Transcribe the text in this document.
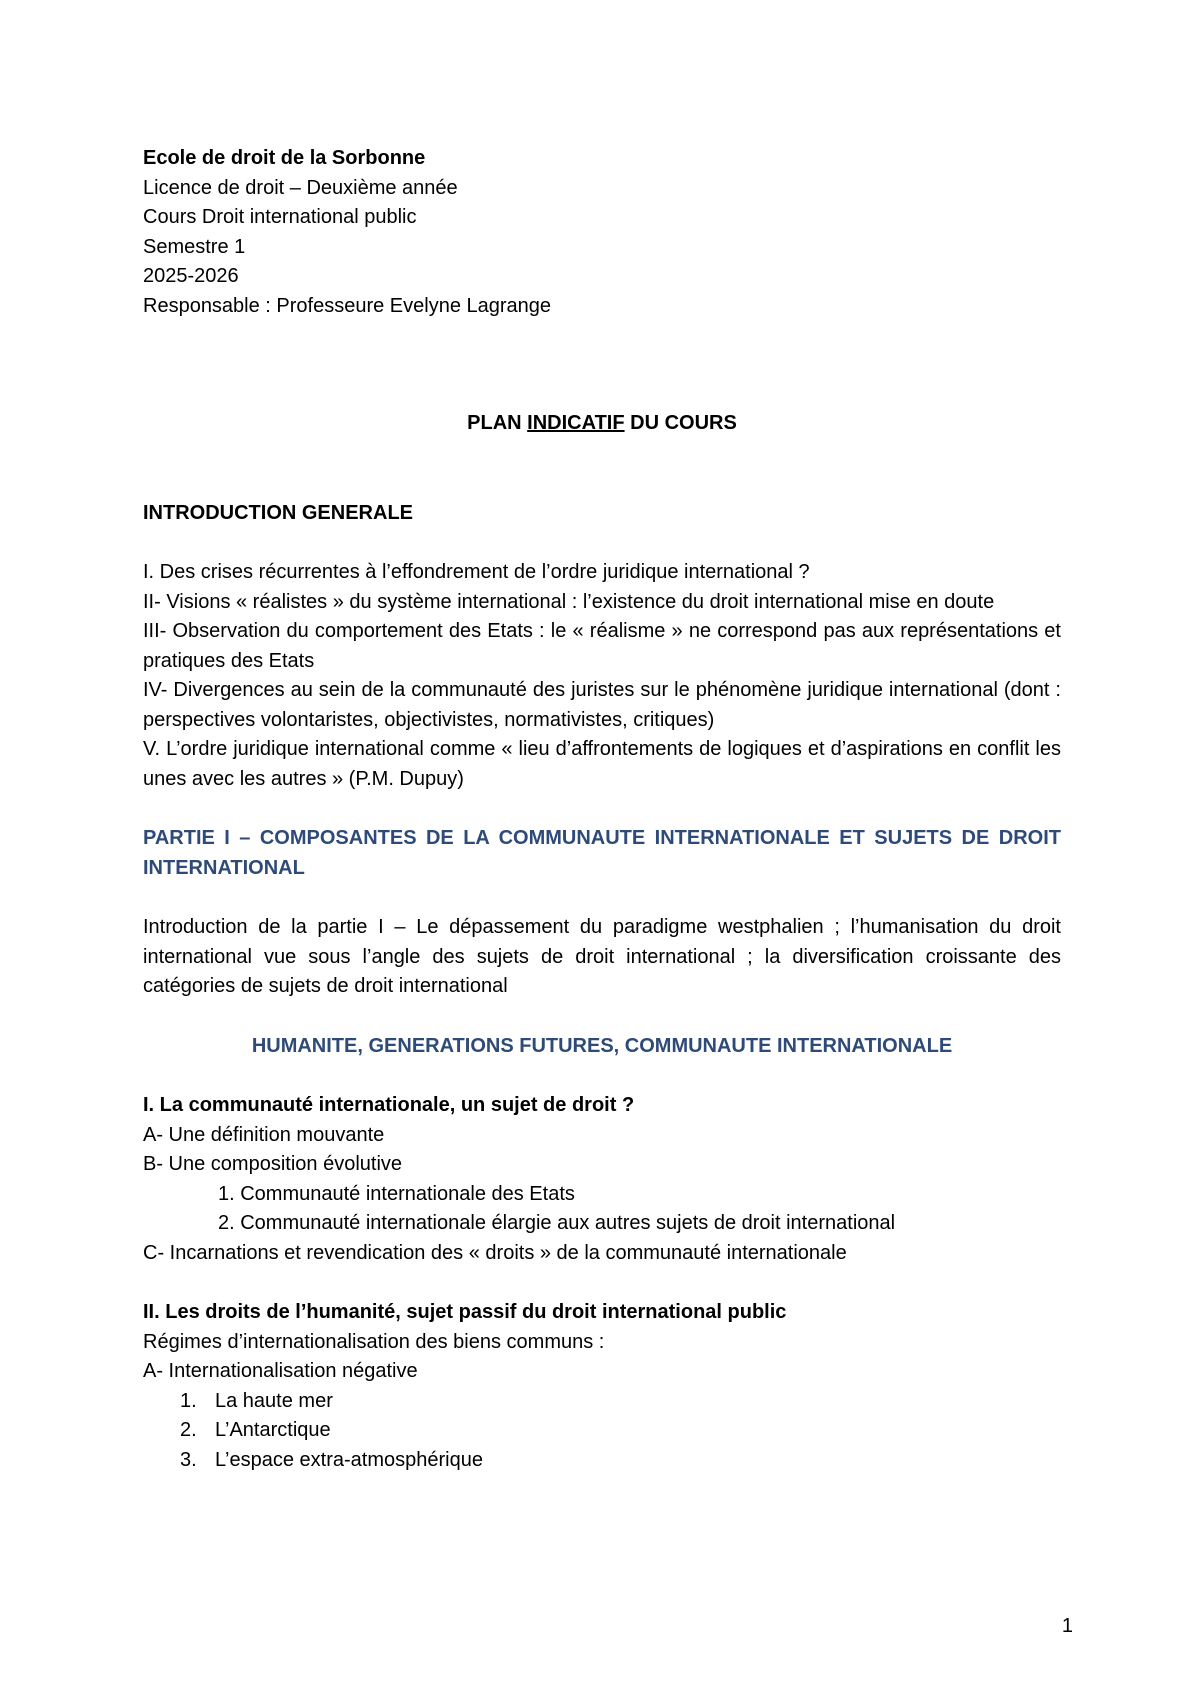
Ecole de droit de la Sorbonne
Licence de droit – Deuxième année
Cours Droit international public
Semestre 1
2025-2026
Responsable : Professeure Evelyne Lagrange
PLAN INDICATIF DU COURS
INTRODUCTION GENERALE

I. Des crises récurrentes à l’effondrement de l’ordre juridique international ?

II- Visions « réalistes » du système international : l’existence du droit international mise en doute

III- Observation du comportement des Etats : le « réalisme » ne correspond pas aux représentations et pratiques des Etats

IV- Divergences au sein de la communauté des juristes sur le phénomène juridique international (dont : perspectives volontaristes, objectivistes, normativistes, critiques)

V. L’ordre juridique international comme « lieu d’affrontements de logiques et d’aspirations en conflit les unes avec les autres » (P.M. Dupuy)

PARTIE I – COMPOSANTES DE LA COMMUNAUTE INTERNATIONALE ET SUJETS DE DROIT INTERNATIONAL

Introduction de la partie I – Le dépassement du paradigme westphalien ; l’humanisation du droit international vue sous l’angle des sujets de droit international ; la diversification croissante des catégories de sujets de droit international

HUMANITE, GENERATIONS FUTURES, COMMUNAUTE INTERNATIONALE

I. La communauté internationale, un sujet de droit ?
A- Une définition mouvante
B- Une composition évolutive
1. Communauté internationale des Etats
2. Communauté internationale élargie aux autres sujets de droit international
C- Incarnations et revendication des « droits » de la communauté internationale
II. Les droits de l’humanité, sujet passif du droit international public
Régimes d’internationalisation des biens communs :
A- Internationalisation négative
1. La haute mer
2. L’Antarctique
3. L’espace extra-atmosphérique
1
